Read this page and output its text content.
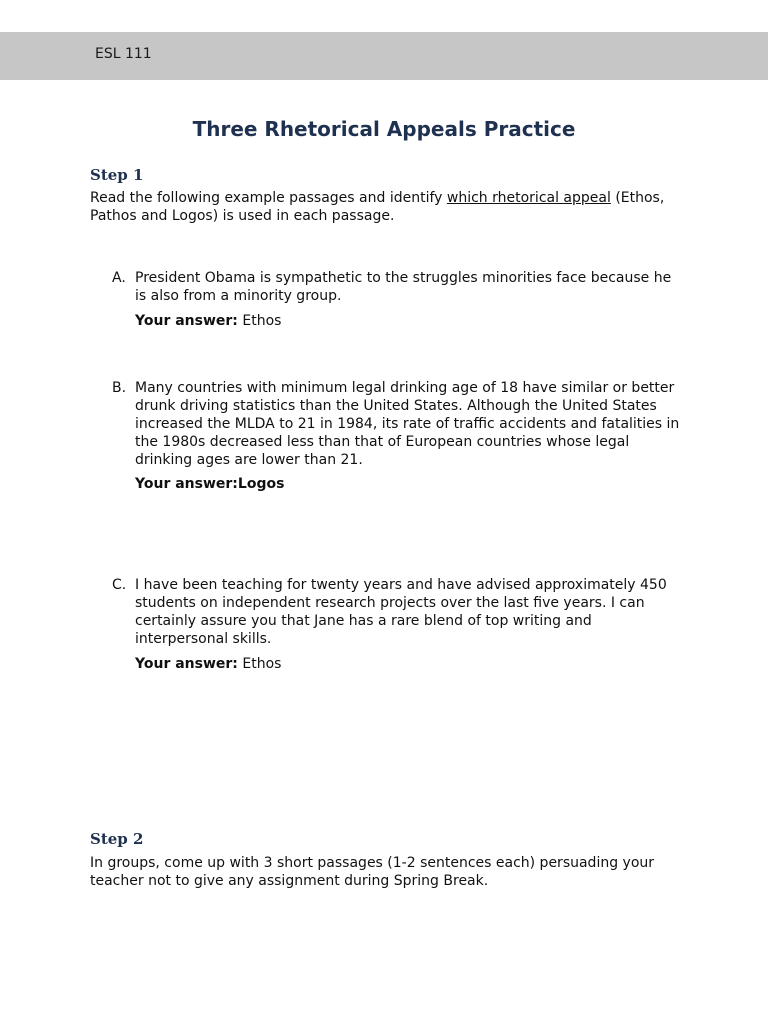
ESL 111
Three Rhetorical Appeals Practice
Step 1
Read the following example passages and identify which rhetorical appeal (Ethos, Pathos and Logos) is used in each passage.
A. President Obama is sympathetic to the struggles minorities face because he is also from a minority group.
Your answer: Ethos
B. Many countries with minimum legal drinking age of 18 have similar or better drunk driving statistics than the United States. Although the United States increased the MLDA to 21 in 1984, its rate of traffic accidents and fatalities in the 1980s decreased less than that of European countries whose legal drinking ages are lower than 21.
Your answer:Logos
C. I have been teaching for twenty years and have advised approximately 450 students on independent research projects over the last five years. I can certainly assure you that Jane has a rare blend of top writing and interpersonal skills.
Your answer: Ethos
Step 2
In groups, come up with 3 short passages (1-2 sentences each) persuading your teacher not to give any assignment during Spring Break.
